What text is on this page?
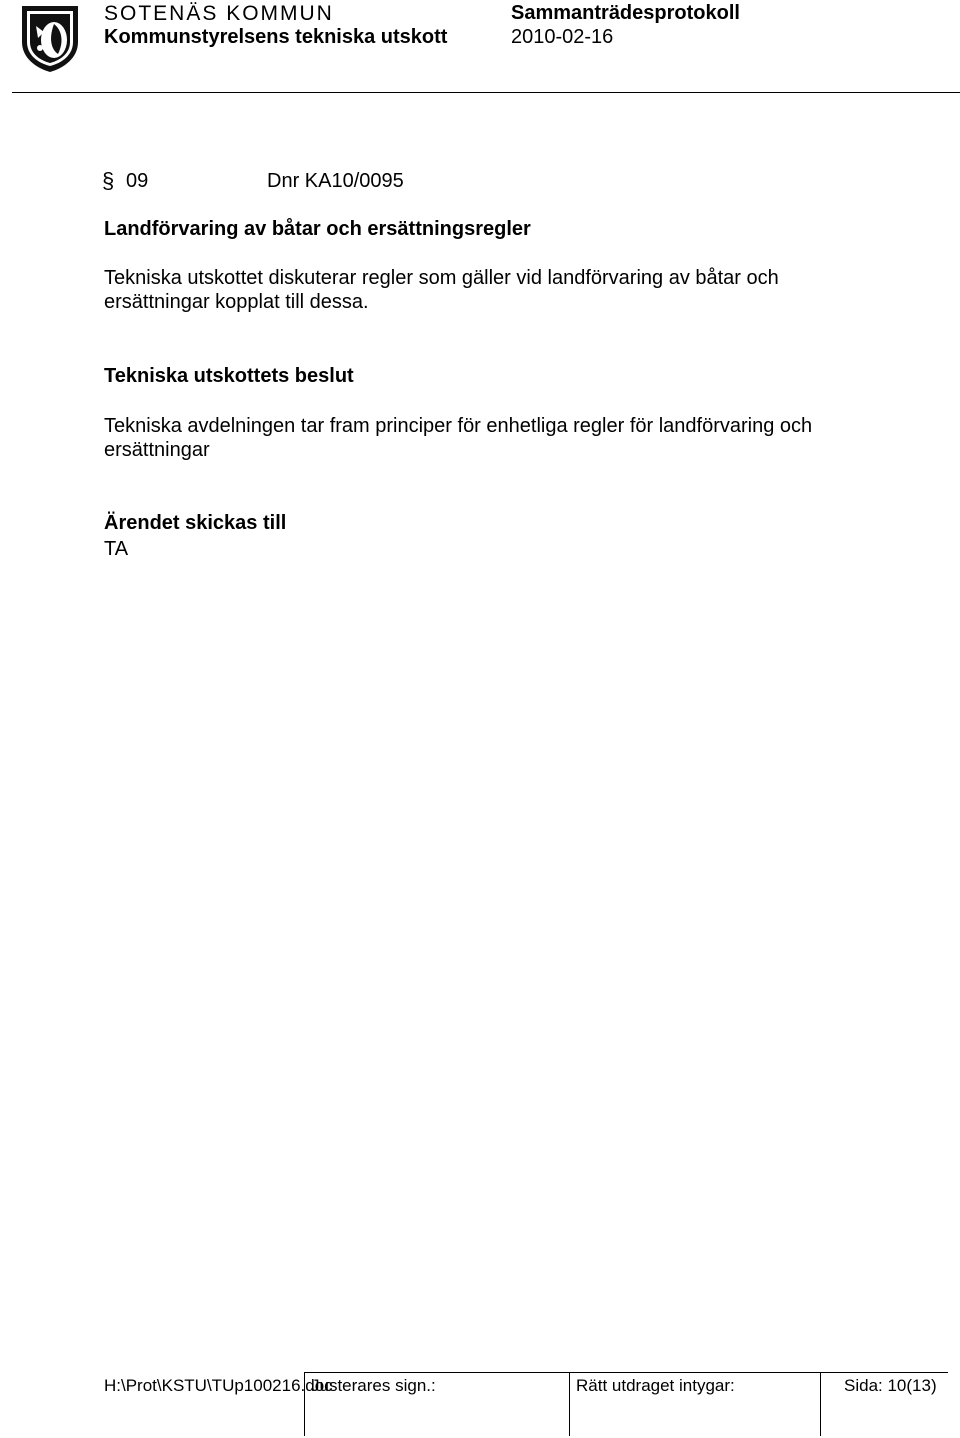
SOTENÄS KOMMUN
Kommunstyrelsens tekniska utskott
Sammanträdesprotokoll
2010-02-16
§ 09	Dnr KA10/0095
Landförvaring av båtar och ersättningsregler

Tekniska utskottet diskuterar regler som gäller vid landförvaring av båtar och

ersättningar kopplat till dessa.

Tekniska utskottets beslut

Tekniska avdelningen tar fram principer för enhetliga regler för landförvaring och

ersättningar

Ärendet skickas till
TA
H:\Prot\KSTU\TUp100216.doc
Justerares sign.:	Rätt utdraget intygar:	Sida: 10(13)
